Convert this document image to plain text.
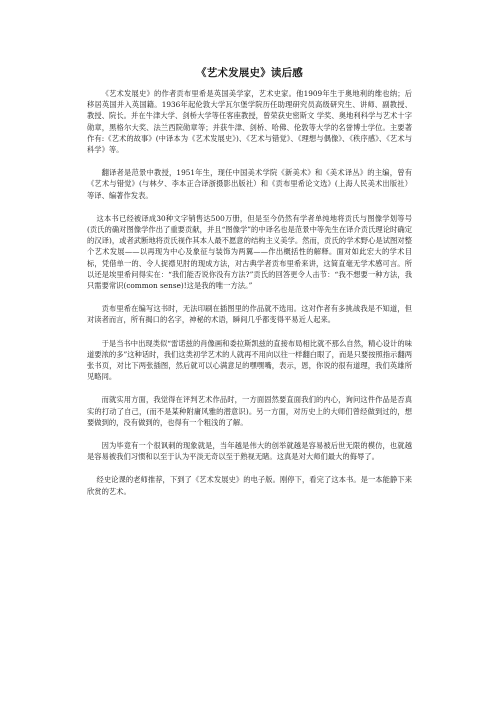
《艺术发展史》读后感

《艺术发展史》的作者贡布里希是英国美学家，艺术史家。他1909年生于奥地利的维也纳；后移居英国并入英国籍。1936年起伦敦大学瓦尔堡学院历任助理研究员高级研究生、讲师、副教授、教授、院长。并在牛津大学、剑桥大学等任客座教授，曾荣获史密斯文 学奖、奥地利科学与艺术十字勋章，黑格尔大奖、法兰西院勋章等；并获牛津、剑桥、哈佛、伦敦等大学的名誉博士学位。主要著作有:《艺术的故事》(中译本为《艺术发展史》)、《艺术与错觉》、《理想与偶像》、《秩序感》、《艺术与科学》等。

翻译者是范景中教授，1951年生，现任中国美术学院《新美术》和《美术译丛》的主编，曾有《艺术与错觉》(与林夕、李本正合译浙摄影出版社）和《贡布里希论文选》(上海人民美术出版社）等译、编著作发表。

这本书已经被译成30种文字销售达500万册，但是至今仍然有学者单纯地将贡氏与图像学划等号(贡氏的确对图像学作出了重要贡献，并且“图像学”的中译名也是范景中等先生在译介贡氏理论时确定的汉译)，或者武断地将贡氏视作其本人最不愿意的结构主义美学。然而，贡氏的学术野心是试图对整个艺术发展——以再现为中心及象征与装饰为两翼——作出概括性的解释。面对如此宏大的学术目标，凭借单一的、令人捉襟见肘的现成方法，对古典学者贡布里希来讲，这简直毫无学术感可言。所以还是埃里希问得实在：“我们能否说你没有方法?”贡氏的回答更令人击节：“我不想要一种方法，我只需要常识(common sense)!这是我的唯一方法。”

贡布里希在编写这书时，无法印刷在插图里的作品就不选用。这对作者有多挑战我是不知道，但对读者而言，所有揭口的名字，神秘的术语，瞬间几乎都变得平易近人起来。

于是当书中出现类似“雷诺兹的肖像画和委拉斯凯兹的直接布局相比就不那么自然，精心设计的味道要浓的多”这种话时，我们这类初学艺术的人就再不用向以往一样翻白眼了，而是只要按照指示翻两张书页，对比下两张插图，然后就可以心满意足的嘿嘿嘴，表示，恩，你说的很有道理，我们英雄所见略同。

而就实用方面，我觉得在评判艺术作品时，一方面固然要直面我们的内心，询问这件作品是否真实的打动了自己，(而不是某种附庸风雅的潜意识)。另一方面，对历史上的大师们曾经做到过的，想要做到的，没有做到的，也得有一个粗浅的了解。

因为毕竟有一个很讽刺的现象就是，当年越是伟大的创举就越是容易被后世无限的模仿，也就越是容易被我们习惯和以至于认为平淡无奇以至于熟视无睹。这真是对大师们最大的侮辱了。

经史论课的老师推荐，下到了《艺术发展史》的电子版。刚停下，看完了这本书。是一本能静下来欣赏的艺术。
